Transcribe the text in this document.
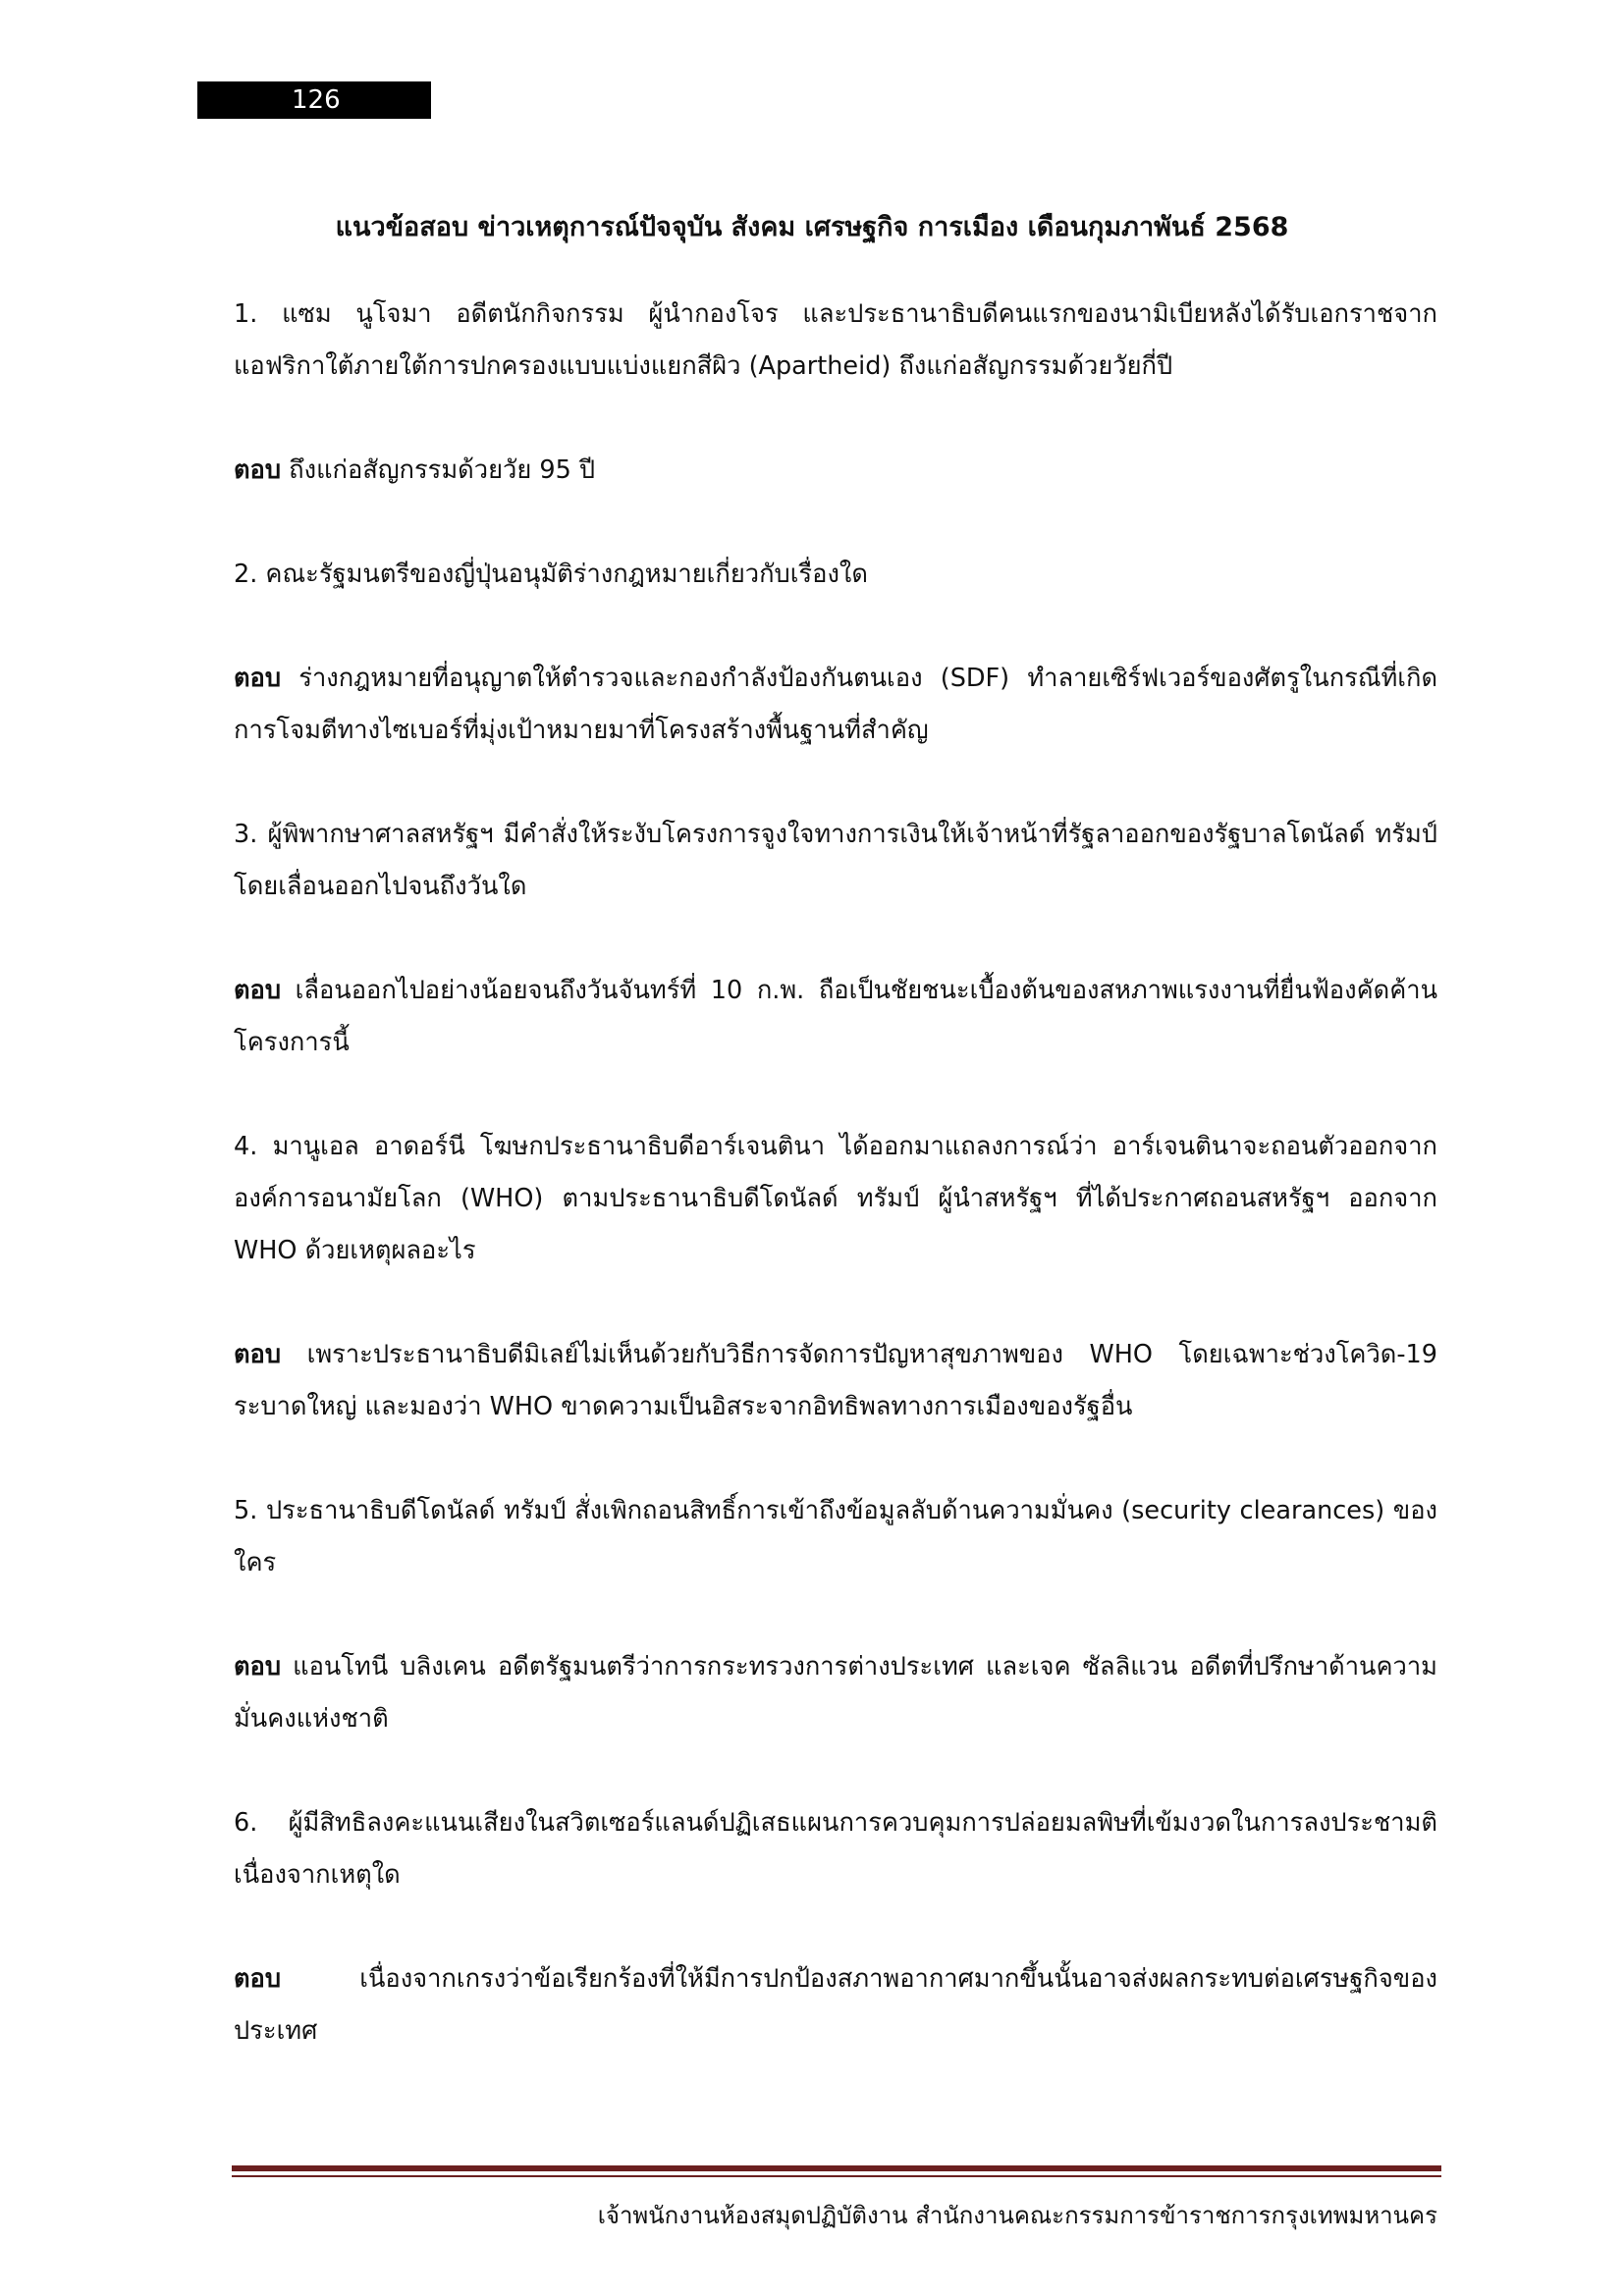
126
แนวข้อสอบ ข่าวเหตุการณ์ปัจจุบัน สังคม เศรษฐกิจ การเมือง เดือนกุมภาพันธ์ 2568

1. แซม นูโจมา อดีตนักกิจกรรม ผู้นำกองโจร และประธานาธิบดีคนแรกของนามิเบียหลังได้รับเอกราชจากแอฟริกาใต้ภายใต้การปกครองแบบแบ่งแยกสีผิว (Apartheid) ถึงแก่อสัญกรรมด้วยวัยกี่ปี

ตอบ ถึงแก่อสัญกรรมด้วยวัย 95 ปี

2. คณะรัฐมนตรีของญี่ปุ่นอนุมัติร่างกฎหมายเกี่ยวกับเรื่องใด

ตอบ ร่างกฎหมายที่อนุญาตให้ตำรวจและกองกำลังป้องกันตนเอง (SDF) ทำลายเซิร์ฟเวอร์ของศัตรูในกรณีที่เกิดการโจมตีทางไซเบอร์ที่มุ่งเป้าหมายมาที่โครงสร้างพื้นฐานที่สำคัญ

3. ผู้พิพากษาศาลสหรัฐฯ มีคำสั่งให้ระงับโครงการจูงใจทางการเงินให้เจ้าหน้าที่รัฐลาออกของรัฐบาลโดนัลด์ ทรัมป์ โดยเลื่อนออกไปจนถึงวันใด

ตอบ เลื่อนออกไปอย่างน้อยจนถึงวันจันทร์ที่ 10 ก.พ. ถือเป็นชัยชนะเบื้องต้นของสหภาพแรงงานที่ยื่นฟ้องคัดค้านโครงการนี้

4. มานูเอล อาดอร์นี โฆษกประธานาธิบดีอาร์เจนตินา ได้ออกมาแถลงการณ์ว่า อาร์เจนตินาจะถอนตัวออกจากองค์การอนามัยโลก (WHO) ตามประธานาธิบดีโดนัลด์ ทรัมป์ ผู้นำสหรัฐฯ ที่ได้ประกาศถอนสหรัฐฯ ออกจาก WHO ด้วยเหตุผลอะไร

ตอบ เพราะประธานาธิบดีมิเลย์ไม่เห็นด้วยกับวิธีการจัดการปัญหาสุขภาพของ WHO โดยเฉพาะช่วงโควิด-19 ระบาดใหญ่ และมองว่า WHO ขาดความเป็นอิสระจากอิทธิพลทางการเมืองของรัฐอื่น

5. ประธานาธิบดีโดนัลด์ ทรัมป์ สั่งเพิกถอนสิทธิ์การเข้าถึงข้อมูลลับด้านความมั่นคง (security clearances) ของใคร

ตอบ แอนโทนี บลิงเคน อดีตรัฐมนตรีว่าการกระทรวงการต่างประเทศ และเจค ซัลลิแวน อดีตที่ปรึกษาด้านความมั่นคงแห่งชาติ

6. ผู้มีสิทธิลงคะแนนเสียงในสวิตเซอร์แลนด์ปฏิเสธแผนการควบคุมการปล่อยมลพิษที่เข้มงวดในการลงประชามติ เนื่องจากเหตุใด

ตอบ	เนื่องจากเกรงว่าข้อเรียกร้องที่ให้มีการปกป้องสภาพอากาศมากขึ้นนั้นอาจส่งผลกระทบต่อเศรษฐกิจของประเทศ

เจ้าพนักงานห้องสมุดปฏิบัติงาน สำนักงานคณะกรรมการข้าราชการกรุงเทพมหานคร
